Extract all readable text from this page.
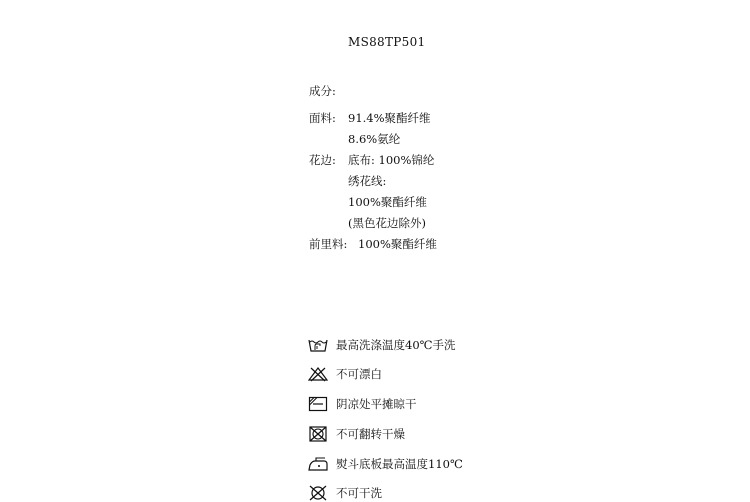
MS88TP501
成分:
面料: 91.4%聚酯纤维
8.6%氨纶
花边: 底布: 100%锦纶
绣花线:
100%聚酯纤维
(黑色花边除外)
前里料: 100%聚酯纤维
最高洗涤温度40℃手洗
不可漂白
阴凉处平摊晾干
不可翻转干燥
熨斗底板最高温度110℃
不可干洗
